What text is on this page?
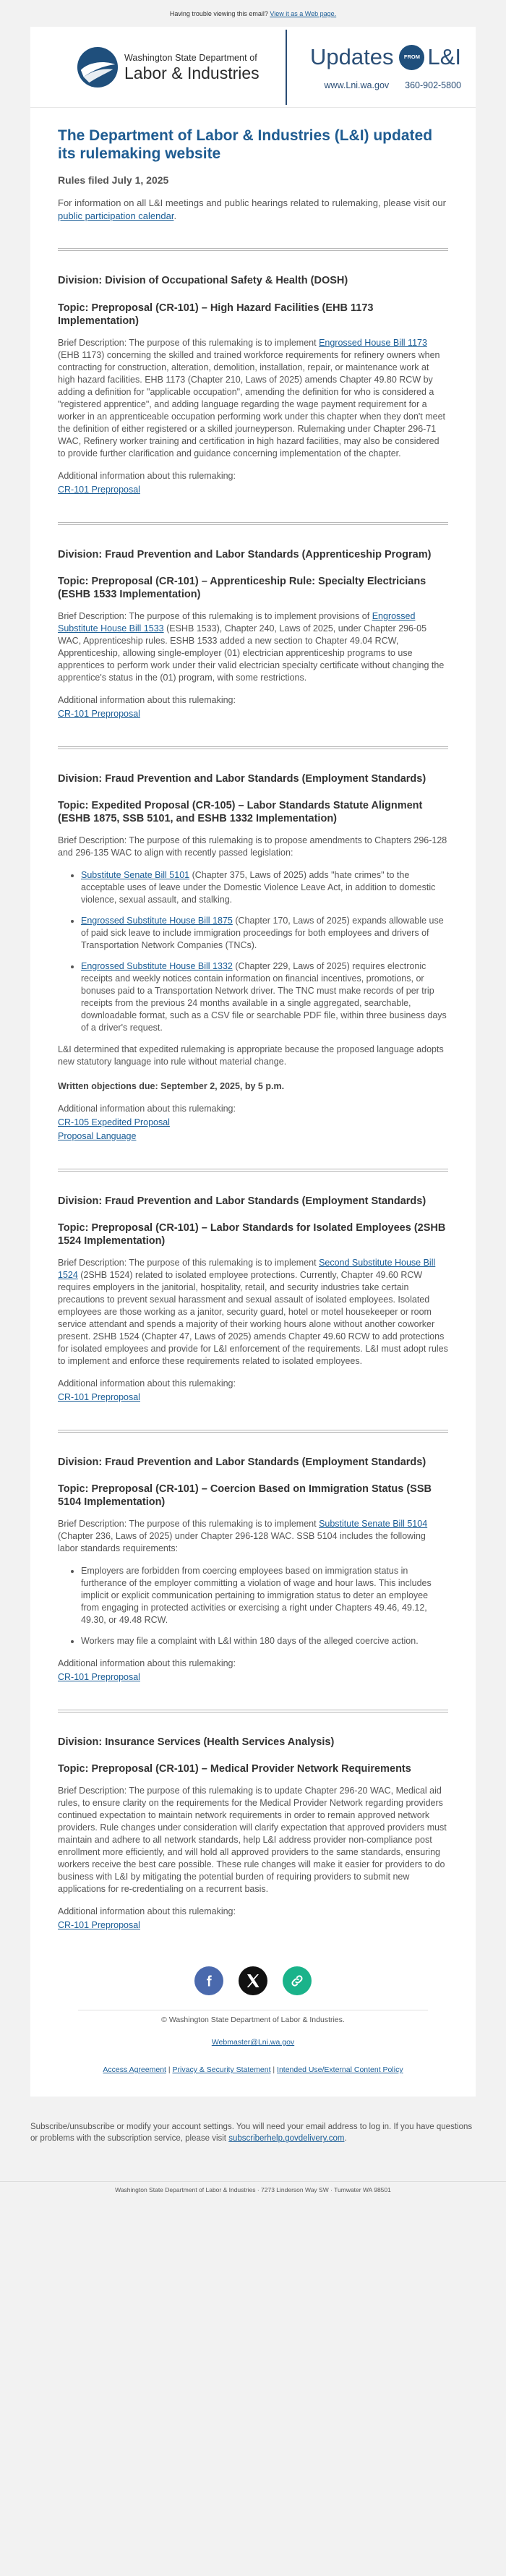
Having trouble viewing this email? View it as a Web page.
Washington State Department of
Labor & Industries
Updates	FROM L&I
www.Lni.wa.gov 360-902-5800
The Department of Labor & Industries (L&I) updated its rulemaking website
Rules filed July 1, 2025

For information on all L&I meetings and public hearings related to rulemaking, please visit our public participation calendar.

Division: Division of Occupational Safety & Health (DOSH)
Topic: Preproposal (CR-101) – High Hazard Facilities (EHB 1173 Implementation)

Brief Description: The purpose of this rulemaking is to implement Engrossed House Bill 1173 (EHB 1173) concerning the skilled and trained workforce requirements for refinery owners when contracting for construction, alteration, demolition, installation, repair, or maintenance work at high hazard facilities. EHB 1173 (Chapter 210, Laws of 2025) amends Chapter 49.80 RCW by adding a definition for "applicable occupation", amending the definition for who is considered a "registered apprentice", and adding language regarding the wage payment requirement for a worker in an apprenticeable occupation performing work under this chapter when they don't meet the definition of either registered or a skilled journeyperson. Rulemaking under Chapter 296-71 WAC, Refinery worker training and certification in high hazard facilities, may also be considered to provide further clarification and guidance concerning implementation of the chapter.

Additional information about this rulemaking:

CR-101 Preproposal
Division: Fraud Prevention and Labor Standards (Apprenticeship Program)
Topic: Preproposal (CR-101) – Apprenticeship Rule: Specialty Electricians (ESHB 1533 Implementation)

Brief Description: The purpose of this rulemaking is to implement provisions of Engrossed Substitute House Bill 1533 (ESHB 1533), Chapter 240, Laws of 2025, under Chapter 296-05 WAC, Apprenticeship rules. ESHB 1533 added a new section to Chapter 49.04 RCW, Apprenticeship, allowing single-employer (01) electrician apprenticeship programs to use apprentices to perform work under their valid electrician specialty certificate without changing the apprentice's status in the (01) program, with some restrictions.

Additional information about this rulemaking:

CR-101 Preproposal
Division: Fraud Prevention and Labor Standards (Employment Standards)
Topic: Expedited Proposal (CR-105) – Labor Standards Statute Alignment (ESHB 1875, SSB 5101, and ESHB 1332 Implementation)

Brief Description: The purpose of this rulemaking is to propose amendments to Chapters 296-128 and 296-135 WAC to align with recently passed legislation:

• Substitute Senate Bill 5101 (Chapter 375, Laws of 2025) adds "hate crimes" to the acceptable uses of leave under the Domestic Violence Leave Act, in addition to domestic violence, sexual assault, and stalking.
• Engrossed Substitute House Bill 1875 (Chapter 170, Laws of 2025) expands allowable use of paid sick leave to include immigration proceedings for both employees and drivers of Transportation Network Companies (TNCs).
• Engrossed Substitute House Bill 1332 (Chapter 229, Laws of 2025) requires electronic receipts and weekly notices contain information on financial incentives, promotions, or bonuses paid to a Transportation Network driver. The TNC must make records of per trip receipts from the previous 24 months available in a single aggregated, searchable, downloadable format, such as a CSV file or searchable PDF file, within three business days of a driver's request.

L&I determined that expedited rulemaking is appropriate because the proposed language adopts new statutory language into rule without material change.

Written objections due: September 2, 2025, by 5 p.m.

Additional information about this rulemaking:

CR-105 Expedited Proposal
Proposal Language
Division: Fraud Prevention and Labor Standards (Employment Standards)
Topic: Preproposal (CR-101) – Labor Standards for Isolated Employees (2SHB 1524 Implementation)

Brief Description: The purpose of this rulemaking is to implement Second Substitute House Bill 1524 (2SHB 1524) related to isolated employee protections. Currently, Chapter 49.60 RCW requires employers in the janitorial, hospitality, retail, and security industries take certain precautions to prevent sexual harassment and sexual assault of isolated employees. Isolated employees are those working as a janitor, security guard, hotel or motel housekeeper or room service attendant and spends a majority of their working hours alone without another coworker present. 2SHB 1524 (Chapter 47, Laws of 2025) amends Chapter 49.60 RCW to add protections for isolated employees and provide for L&I enforcement of the requirements. L&I must adopt rules to implement and enforce these requirements related to isolated employees.

Additional information about this rulemaking:

CR-101 Preproposal
Division: Fraud Prevention and Labor Standards (Employment Standards)
Topic: Preproposal (CR-101) – Coercion Based on Immigration Status (SSB 5104 Implementation)

Brief Description: The purpose of this rulemaking is to implement Substitute Senate Bill 5104 (Chapter 236, Laws of 2025) under Chapter 296-128 WAC. SSB 5104 includes the following labor standards requirements:

• Employers are forbidden from coercing employees based on immigration status in furtherance of the employer committing a violation of wage and hour laws. This includes implicit or explicit communication pertaining to immigration status to deter an employee from engaging in protected activities or exercising a right under Chapters 49.46, 49.12, 49.30, or 49.48 RCW.
• Workers may file a complaint with L&I within 180 days of the alleged coercive action.

Additional information about this rulemaking:

CR-101 Preproposal
Division: Insurance Services (Health Services Analysis)
Topic: Preproposal (CR-101) – Medical Provider Network Requirements

Brief Description: The purpose of this rulemaking is to update Chapter 296-20 WAC, Medical aid rules, to ensure clarity on the requirements for the Medical Provider Network regarding providers continued expectation to maintain network requirements in order to remain approved network providers. Rule changes under consideration will clarify expectation that approved providers must maintain and adhere to all network standards, help L&I address provider non-compliance post enrollment more efficiently, and will hold all approved providers to the same standards, ensuring workers receive the best care possible. These rule changes will make it easier for providers to do business with L&I by mitigating the potential burden of requiring providers to submit new applications for re-credentialing on a recurrent basis.

Additional information about this rulemaking:

CR-101 Preproposal
© Washington State Department of Labor & Industries.
Webmaster@Lni.wa.gov
Access Agreement | Privacy & Security Statement | Intended Use/External Content Policy
Subscribe/unsubscribe or modify your account settings. You will need your email address to log in. If you have questions or problems with the subscription service, please visit subscriberhelp.govdelivery.com.
Washington State Department of Labor & Industries · 7273 Linderson Way SW · Tumwater WA 98501
